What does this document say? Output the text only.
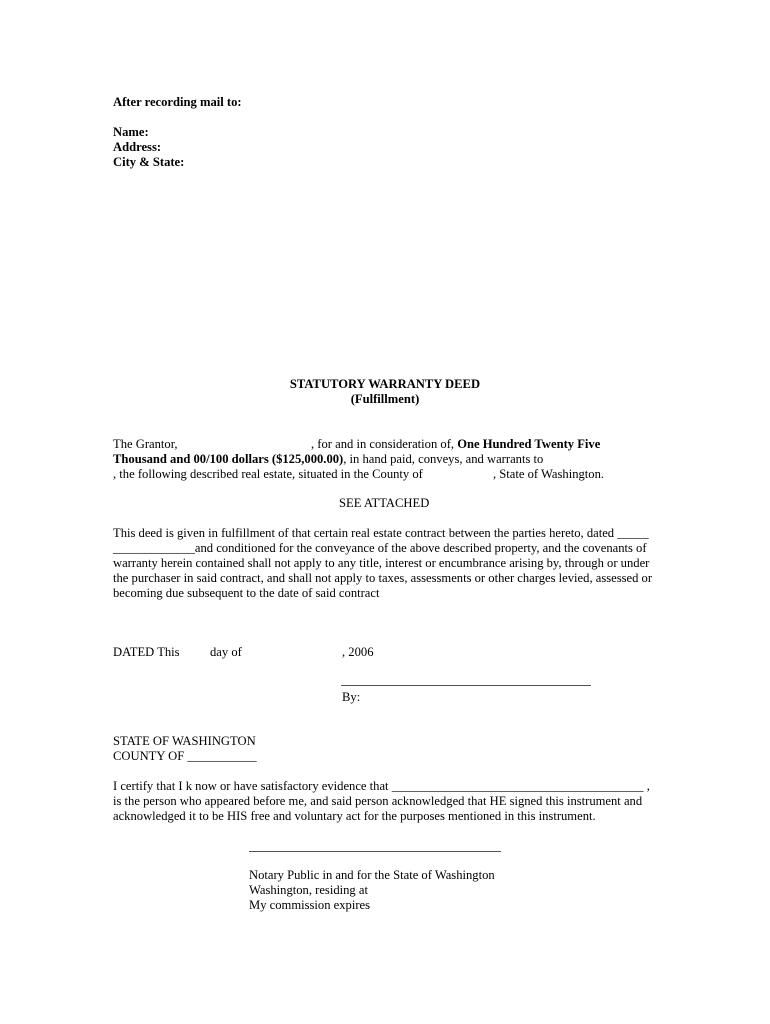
After recording mail to:
Name:
Address:
City & State:
STATUTORY WARRANTY DEED
(Fulfillment)
The Grantor,	, for and in consideration of, One Hundred Twenty Five
Thousand and 00/100 dollars ($125,000.00), in hand paid, conveys, and warrants to
, the following described real estate, situated in the County of	, State of Washington.
SEE ATTACHED
This deed is given in fulfillment of that certain real estate contract between the parties hereto, dated _____
_____________and conditioned for the conveyance of the above described property, and the covenants of
warranty herein contained shall not apply to any title, interest or encumbrance arising by, through or under
the purchaser in said contract, and shall not apply to taxes, assessments or other charges levied, assessed or
becoming due subsequent to the date of said contract
DATED This day of	, 2006
By:
STATE OF WASHINGTON
COUNTY OF ___________
I certify that I k now or have satisfactory evidence that ________________________________________ ,
is the person who appeared before me, and said person acknowledged that HE signed this instrument and
acknowledged it to be HIS free and voluntary act for the purposes mentioned in this instrument.
Notary Public in and for the State of Washington
Washington, residing at
My commission expires
